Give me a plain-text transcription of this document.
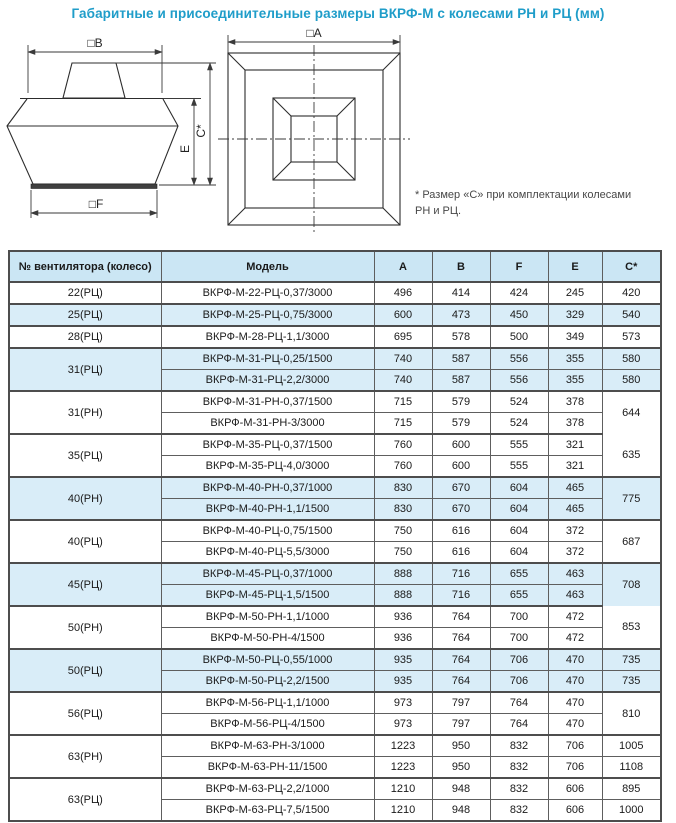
Габаритные и присоединительные размеры ВКРФ-М с колесами РН и РЦ (мм)
□B
□F
C*
E
□A
* Размер «С» при комплектации колесами
РН и РЦ.
№ вентилятора (колесо)	Модель	A	B	F	E	C*
22(РЦ)	ВКРФ-М-22-РЦ-0,37/3000	496	414	424	245	420
25(РЦ)	ВКРФ-М-25-РЦ-0,75/3000	600	473	450	329	540
28(РЦ)	ВКРФ-М-28-РЦ-1,1/3000	695	578	500	349	573
31(РЦ)	ВКРФ-М-31-РЦ-0,25/1500	740	587	556	355	580
	ВКРФ-М-31-РЦ-2,2/3000	740	587	556	355	580
31(РН)	ВКРФ-М-31-РН-0,37/1500	715	579	524	378	644
	ВКРФ-М-31-РН-3/3000	715	579	524	378	
35(РЦ)	ВКРФ-М-35-РЦ-0,37/1500	760	600	555	321	635
	ВКРФ-М-35-РЦ-4,0/3000	760	600	555	321	
40(РН)	ВКРФ-М-40-РН-0,37/1000	830	670	604	465	775
	ВКРФ-М-40-РН-1,1/1500	830	670	604	465	
40(РЦ)	ВКРФ-М-40-РЦ-0,75/1500	750	616	604	372	687
	ВКРФ-М-40-РЦ-5,5/3000	750	616	604	372	
45(РЦ)	ВКРФ-М-45-РЦ-0,37/1000	888	716	655	463	708
	ВКРФ-М-45-РЦ-1,5/1500	888	716	655	463	
50(РН)	ВКРФ-М-50-РН-1,1/1000	936	764	700	472	853
	ВКРФ-М-50-РН-4/1500	936	764	700	472	
50(РЦ)	ВКРФ-М-50-РЦ-0,55/1000	935	764	706	470	735
	ВКРФ-М-50-РЦ-2,2/1500	935	764	706	470	735
56(РЦ)	ВКРФ-М-56-РЦ-1,1/1000	973	797	764	470	810
	ВКРФ-М-56-РЦ-4/1500	973	797	764	470	
63(РН)	ВКРФ-М-63-РН-3/1000	1223	950	832	706	1005
	ВКРФ-М-63-РН-11/1500	1223	950	832	706	1108
63(РЦ)	ВКРФ-М-63-РЦ-2,2/1000	1210	948	832	606	895
	ВКРФ-М-63-РЦ-7,5/1500	1210	948	832	606	1000
